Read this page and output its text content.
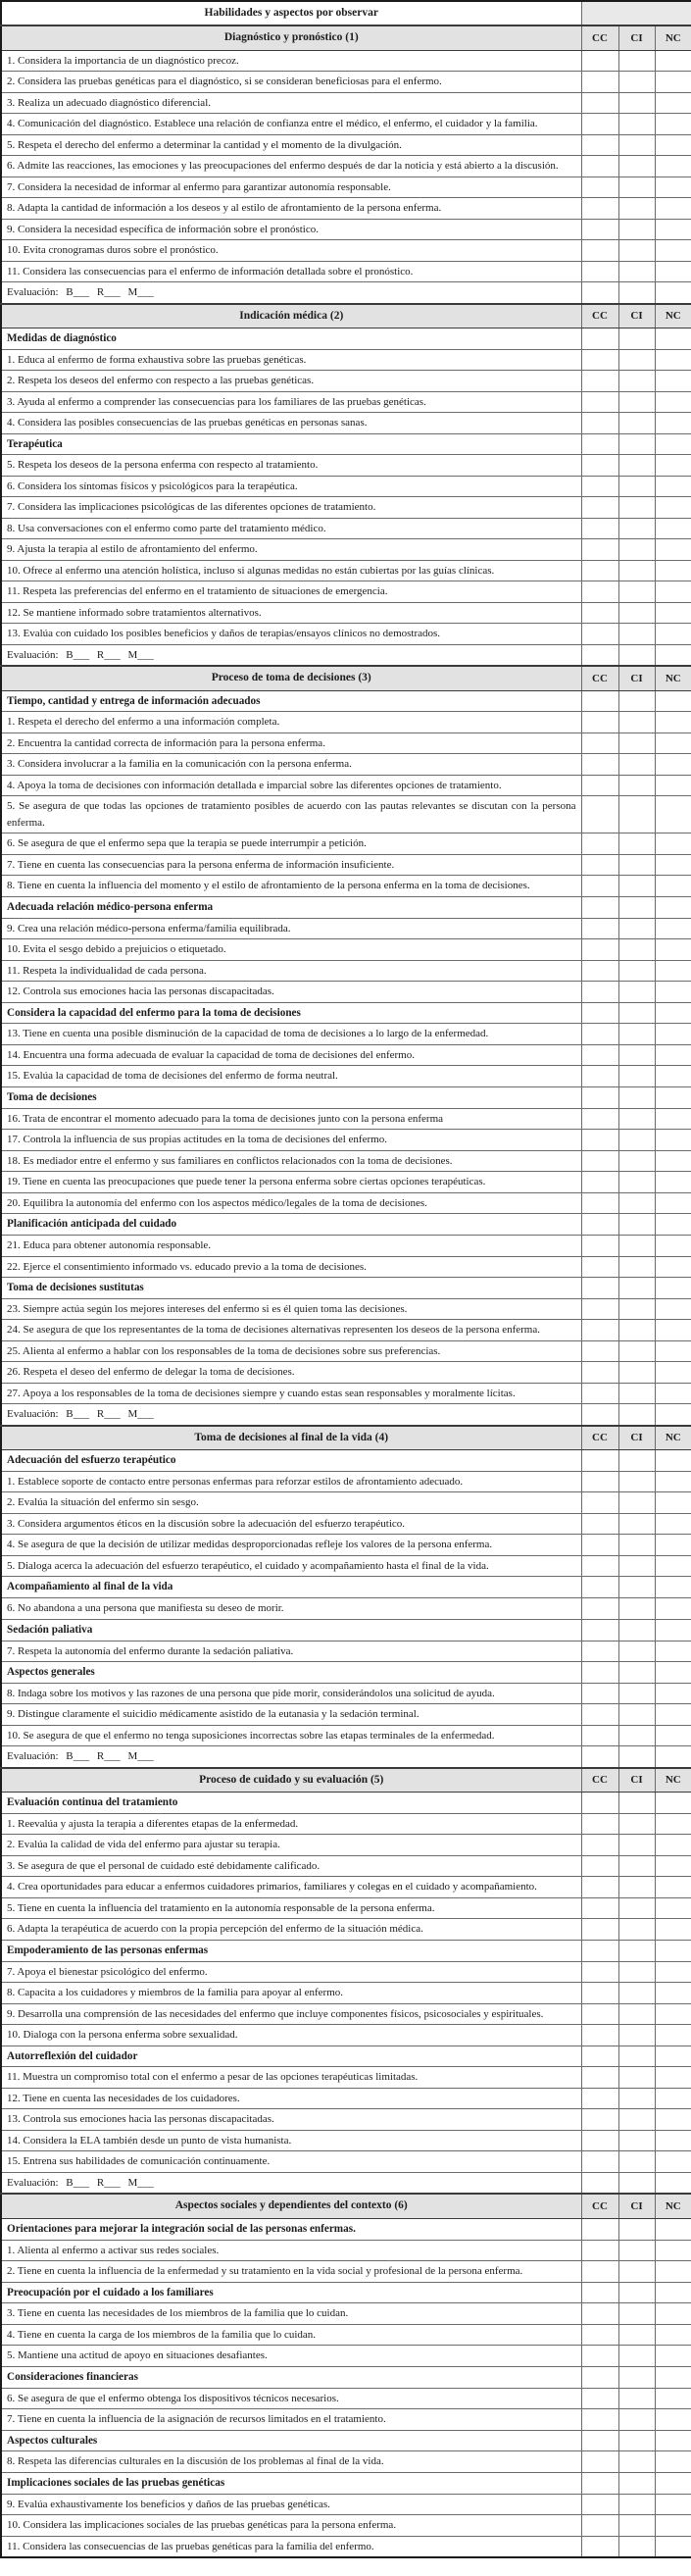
Habilidades y aspectos por observar			
Diagnóstico y pronóstico (1)	CC	CI	NC
1. Considera la importancia de un diagnóstico precoz.			
2. Considera las pruebas genéticas para el diagnóstico, si se consideran beneficiosas para el enfermo.			
3. Realiza un adecuado diagnóstico diferencial.			
4. Comunicación del diagnóstico. Establece una relación de confianza entre el médico, el enfermo, el cuidador y la familia.			
5. Respeta el derecho del enfermo a determinar la cantidad y el momento de la divulgación.			
6. Admite las reacciones, las emociones y las preocupaciones del enfermo después de dar la noticia y está abierto a la discusión.			
7. Considera la necesidad de informar al enfermo para garantizar autonomía responsable.			
8. Adapta la cantidad de información a los deseos y al estilo de afrontamiento de la persona enferma.			
9. Considera la necesidad específica de información sobre el pronóstico.			
10. Evita cronogramas duros sobre el pronóstico.			
11. Considera las consecuencias para el enfermo de información detallada sobre el pronóstico.			
Evaluación: B___ R___ M___			
Indicación médica (2)	CC	CI	NC
Medidas de diagnóstico			
1. Educa al enfermo de forma exhaustiva sobre las pruebas genéticas.			
2. Respeta los deseos del enfermo con respecto a las pruebas genéticas.			
3. Ayuda al enfermo a comprender las consecuencias para los familiares de las pruebas genéticas.			
4. Considera las posibles consecuencias de las pruebas genéticas en personas sanas.			
Terapéutica			
5. Respeta los deseos de la persona enferma con respecto al tratamiento.			
6. Considera los síntomas físicos y psicológicos para la terapéutica.			
7. Considera las implicaciones psicológicas de las diferentes opciones de tratamiento.			
8. Usa conversaciones con el enfermo como parte del tratamiento médico.			
9. Ajusta la terapia al estilo de afrontamiento del enfermo.			
10. Ofrece al enfermo una atención holística, incluso si algunas medidas no están cubiertas por las guías clínicas.			
11. Respeta las preferencias del enfermo en el tratamiento de situaciones de emergencia.			
12. Se mantiene informado sobre tratamientos alternativos.			
13. Evalúa con cuidado los posibles beneficios y daños de terapias/ensayos clínicos no demostrados.			
Evaluación: B___ R___ M___			
Proceso de toma de decisiones (3)	CC	CI	NC
Tiempo, cantidad y entrega de información adecuados			
1. Respeta el derecho del enfermo a una información completa.			
2. Encuentra la cantidad correcta de información para la persona enferma.			
3. Considera involucrar a la familia en la comunicación con la persona enferma.			
4. Apoya la toma de decisiones con información detallada e imparcial sobre las diferentes opciones de tratamiento.			
5. Se asegura de que todas las opciones de tratamiento posibles de acuerdo con las pautas relevantes se discutan con la persona enferma.			
6. Se asegura de que el enfermo sepa que la terapia se puede interrumpir a petición.			
7. Tiene en cuenta las consecuencias para la persona enferma de información insuficiente.			
8. Tiene en cuenta la influencia del momento y el estilo de afrontamiento de la persona enferma en la toma de decisiones.			
Adecuada relación médico-persona enferma			
9. Crea una relación médico-persona enferma/familia equilibrada.			
10. Evita el sesgo debido a prejuicios o etiquetado.			
11. Respeta la individualidad de cada persona.			
12. Controla sus emociones hacia las personas discapacitadas.			
Considera la capacidad del enfermo para la toma de decisiones			
13. Tiene en cuenta una posible disminución de la capacidad de toma de decisiones a lo largo de la enfermedad.			
14. Encuentra una forma adecuada de evaluar la capacidad de toma de decisiones del enfermo.			
15. Evalúa la capacidad de toma de decisiones del enfermo de forma neutral.			
Toma de decisiones			
16. Trata de encontrar el momento adecuado para la toma de decisiones junto con la persona enferma			
17. Controla la influencia de sus propias actitudes en la toma de decisiones del enfermo.			
18. Es mediador entre el enfermo y sus familiares en conflictos relacionados con la toma de decisiones.			
19. Tiene en cuenta las preocupaciones que puede tener la persona enferma sobre ciertas opciones terapéuticas.			
20. Equilibra la autonomía del enfermo con los aspectos médico/legales de la toma de decisiones.			
Planificación anticipada del cuidado			
21. Educa para obtener autonomía responsable.			
22. Ejerce el consentimiento informado vs. educado previo a la toma de decisiones.			
Toma de decisiones sustitutas			
23. Siempre actúa según los mejores intereses del enfermo si es él quien toma las decisiones.			
24. Se asegura de que los representantes de la toma de decisiones alternativas representen los deseos de la persona enferma.			
25. Alienta al enfermo a hablar con los responsables de la toma de decisiones sobre sus preferencias.			
26. Respeta el deseo del enfermo de delegar la toma de decisiones.			
27. Apoya a los responsables de la toma de decisiones siempre y cuando estas sean responsables y moralmente lícitas.			
Evaluación: B___ R___ M___			
Toma de decisiones al final de la vida (4)	CC	CI	NC
Adecuación del esfuerzo terapéutico			
1. Establece soporte de contacto entre personas enfermas para reforzar estilos de afrontamiento adecuado.			
2. Evalúa la situación del enfermo sin sesgo.			
3. Considera argumentos éticos en la discusión sobre la adecuación del esfuerzo terapéutico.			
4. Se asegura de que la decisión de utilizar medidas desproporcionadas refleje los valores de la persona enferma.			
5. Dialoga acerca la adecuación del esfuerzo terapéutico, el cuidado y acompañamiento hasta el final de la vida.			
Acompañamiento al final de la vida			
6. No abandona a una persona que manifiesta su deseo de morir.			
Sedación paliativa			
7. Respeta la autonomía del enfermo durante la sedación paliativa.			
Aspectos generales			
8. Indaga sobre los motivos y las razones de una persona que pide morir, considerándolos una solicitud de ayuda.			
9. Distingue claramente el suicidio médicamente asistido de la eutanasia y la sedación terminal.			
10. Se asegura de que el enfermo no tenga suposiciones incorrectas sobre las etapas terminales de la enfermedad.			
Evaluación: B___ R___ M___			
Proceso de cuidado y su evaluación (5)	CC	CI	NC
Evaluación continua del tratamiento			
1. Reevalúa y ajusta la terapia a diferentes etapas de la enfermedad.			
2. Evalúa la calidad de vida del enfermo para ajustar su terapia.			
3. Se asegura de que el personal de cuidado esté debidamente calificado.			
4. Crea oportunidades para educar a enfermos cuidadores primarios, familiares y colegas en el cuidado y acompañamiento.			
5. Tiene en cuenta la influencia del tratamiento en la autonomía responsable de la persona enferma.			
6. Adapta la terapéutica de acuerdo con la propia percepción del enfermo de la situación médica.			
Empoderamiento de las personas enfermas			
7. Apoya el bienestar psicológico del enfermo.			
8. Capacita a los cuidadores y miembros de la familia para apoyar al enfermo.			
9. Desarrolla una comprensión de las necesidades del enfermo que incluye componentes físicos, psicosociales y espirituales.			
10. Dialoga con la persona enferma sobre sexualidad.			
Autorreflexión del cuidador			
11. Muestra un compromiso total con el enfermo a pesar de las opciones terapéuticas limitadas.			
12. Tiene en cuenta las necesidades de los cuidadores.			
13. Controla sus emociones hacia las personas discapacitadas.			
14. Considera la ELA también desde un punto de vista humanista.			
15. Entrena sus habilidades de comunicación continuamente.			
Evaluación: B___ R___ M___			
Aspectos sociales y dependientes del contexto (6)	CC	CI	NC
Orientaciones para mejorar la integración social de las personas enfermas.			
1. Alienta al enfermo a activar sus redes sociales.			
2. Tiene en cuenta la influencia de la enfermedad y su tratamiento en la vida social y profesional de la persona enferma.			
Preocupación por el cuidado a los familiares			
3. Tiene en cuenta las necesidades de los miembros de la familia que lo cuidan.			
4. Tiene en cuenta la carga de los miembros de la familia que lo cuidan.			
5. Mantiene una actitud de apoyo en situaciones desafiantes.			
Consideraciones financieras			
6. Se asegura de que el enfermo obtenga los dispositivos técnicos necesarios.			
7. Tiene en cuenta la influencia de la asignación de recursos limitados en el tratamiento.			
Aspectos culturales			
8. Respeta las diferencias culturales en la discusión de los problemas al final de la vida.			
Implicaciones sociales de las pruebas genéticas			
9. Evalúa exhaustivamente los beneficios y daños de las pruebas genéticas.			
10. Considera las implicaciones sociales de las pruebas genéticas para la persona enferma.			
11. Considera las consecuencias de las pruebas genéticas para la familia del enfermo.			
